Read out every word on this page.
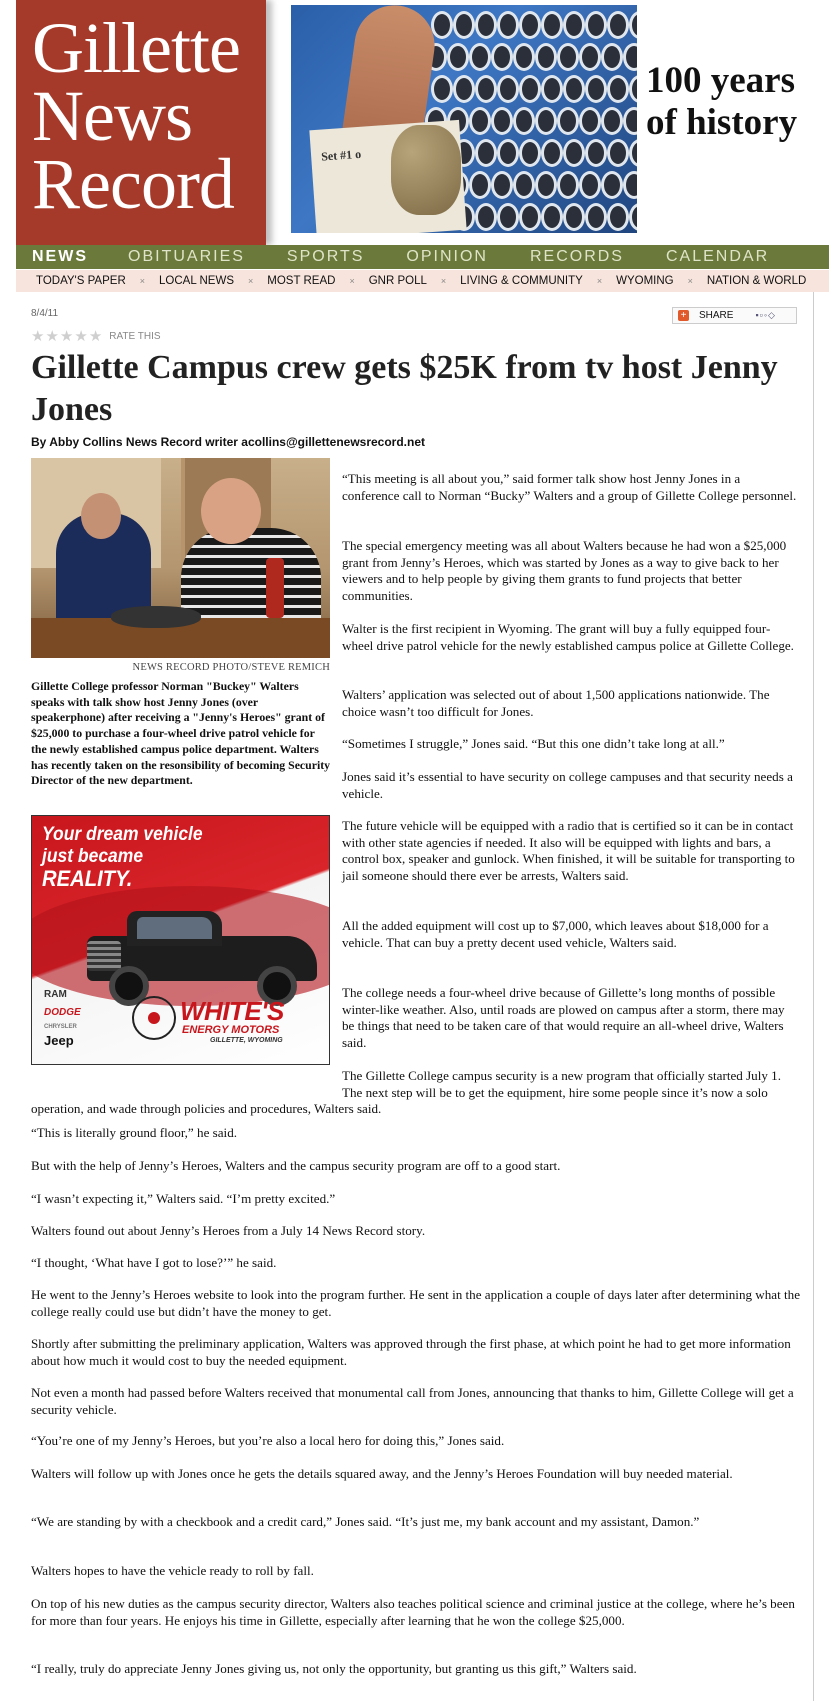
Gillette
News
Record	Set #1 o
100 years
of history
NEWS	OBITUARIES	SPORTS	OPINION	RECORDS	CALENDAR
TODAY'S PAPER × LOCAL NEWS × MOST READ × GNR POLL × LIVING & COMMUNITY × WYOMING × NATION & WORLD
8/4/11	+ SHARE ▪▫◦◇
★ ★ ★ ★ ★ RATE THIS
Gillette Campus crew gets $25K from tv host Jenny Jones
By Abby Collins News Record writer acollins@gillettenewsrecord.net
NEWS RECORD PHOTO/STEVE REMICH
Gillette College professor Norman "Buckey" Walters speaks with talk show host Jenny Jones (over speakerphone) after receiving a "Jenny's Heroes" grant of $25,000 to purchase a four-wheel drive patrol vehicle for the newly established campus police department. Walters has recently taken on the resonsibility of becoming Security Director of the new department.
Your dream vehicle
just became
REALITY.
RAM
DODGE
CHRYSLER
Jeep
WHITE'S
ENERGY MOTORS
GILLETTE, WYOMING

“This meeting is all about you,” said former talk show host Jenny Jones in a conference call to Norman “Bucky” Walters and a group of Gillette College personnel.

The special emergency meeting was all about Walters because he had won a $25,000 grant from Jenny’s Heroes, which was started by Jones as a way to give back to her viewers and to help people by giving them grants to fund projects that better communities.

Walter is the first recipient in Wyoming. The grant will buy a fully equipped four-wheel drive patrol vehicle for the newly established campus police at Gillette College.

Walters’ application was selected out of about 1,500 applications nationwide. The choice wasn’t too difficult for Jones.

“Sometimes I struggle,” Jones said. “But this one didn’t take long at all.”

Jones said it’s essential to have security on college campuses and that security needs a vehicle.

The future vehicle will be equipped with a radio that is certified so it can be in contact with other state agencies if needed. It also will be equipped with lights and bars, a control box, speaker and gunlock. When finished, it will be suitable for transporting to jail someone should there ever be arrests, Walters said.

All the added equipment will cost up to $7,000, which leaves about $18,000 for a vehicle. That can buy a pretty decent used vehicle, Walters said.

The college needs a four-wheel drive because of Gillette’s long months of possible winter-like weather. Also, until roads are plowed on campus after a storm, there may be things that need to be taken care of that would require an all-wheel drive, Walters said.

The Gillette College campus security is a new program that officially started July 1. The next step will be to get the equipment, hire some people since it’s now a solo operation, and wade through policies and procedures, Walters said.

“This is literally ground floor,” he said.

But with the help of Jenny’s Heroes, Walters and the campus security program are off to a good start.

“I wasn’t expecting it,” Walters said. “I’m pretty excited.”

Walters found out about Jenny’s Heroes from a July 14 News Record story.

“I thought, ‘What have I got to lose?’” he said.

He went to the Jenny’s Heroes website to look into the program further. He sent in the application a couple of days later after determining what the college really could use but didn’t have the money to get.

Shortly after submitting the preliminary application, Walters was approved through the first phase, at which point he had to get more information about how much it would cost to buy the needed equipment.

Not even a month had passed before Walters received that monumental call from Jones, announcing that thanks to him, Gillette College will get a security vehicle.

“You’re one of my Jenny’s Heroes, but you’re also a local hero for doing this,” Jones said.

Walters will follow up with Jones once he gets the details squared away, and the Jenny’s Heroes Foundation will buy needed material.

“We are standing by with a checkbook and a credit card,” Jones said. “It’s just me, my bank account and my assistant, Damon.”

Walters hopes to have the vehicle ready to roll by fall.

On top of his new duties as the campus security director, Walters also teaches political science and criminal justice at the college, where he’s been for more than four years. He enjoys his time in Gillette, especially after learning that he won the college $25,000.

“I really, truly do appreciate Jenny Jones giving us, not only the opportunity, but granting us this gift,” Walters said.
